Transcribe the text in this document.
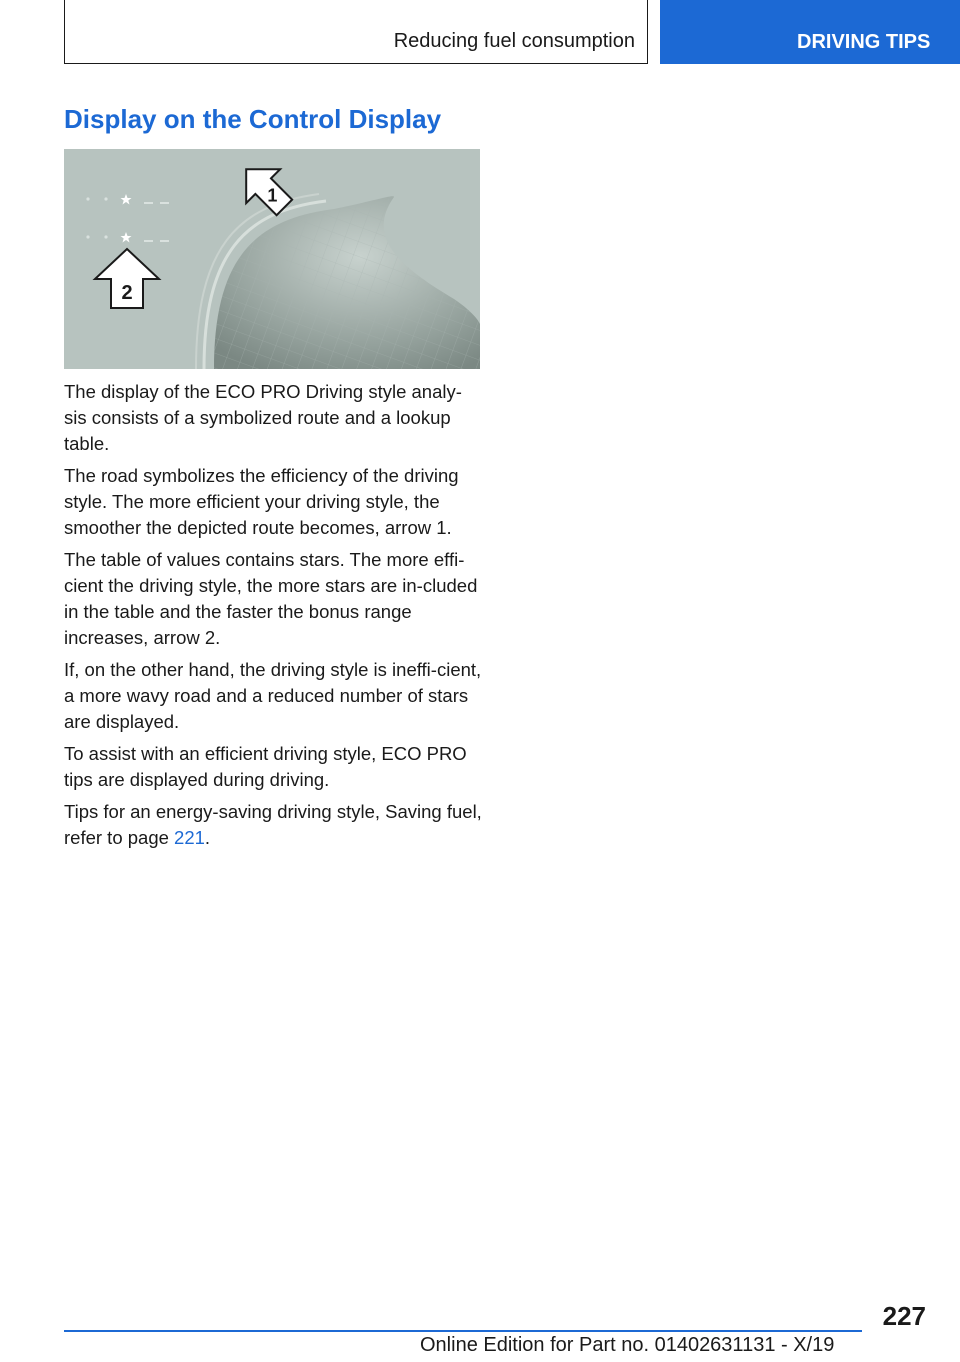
Reducing fuel consumption	DRIVING TIPS
Display on the Control Display
1
2

The display of the ECO PRO Driving style analy-sis consists of a symbolized route and a lookup table.

The road symbolizes the efficiency of the driving style. The more efficient your driving style, the smoother the depicted route becomes, arrow 1.

The table of values contains stars. The more effi-cient the driving style, the more stars are in-cluded in the table and the faster the bonus range increases, arrow 2.

If, on the other hand, the driving style is ineffi-cient, a more wavy road and a reduced number of stars are displayed.

To assist with an efficient driving style, ECO PRO tips are displayed during driving.

Tips for an energy-saving driving style, Saving fuel, refer to page 221.

227
Online Edition for Part no. 01402631131 - X/19
